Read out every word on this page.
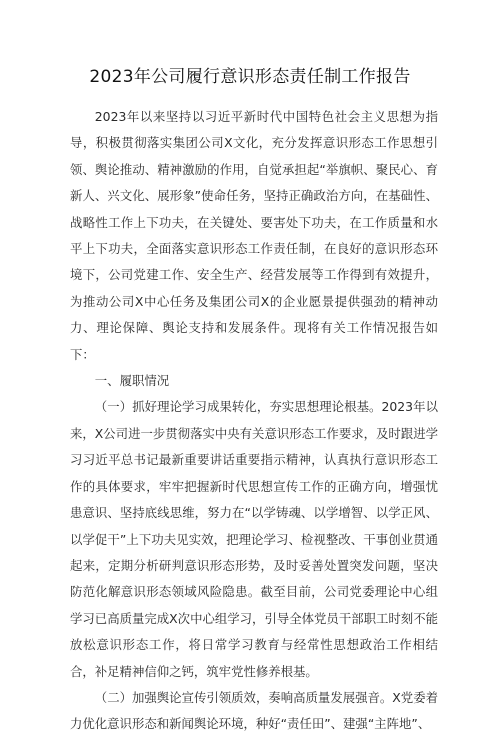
2023年公司履行意识形态责任制工作报告

2023年以来坚持以习近平新时代中国特色社会主义思想为指导，积极贯彻落实集团公司X文化，充分发挥意识形态工作思想引领、舆论推动、精神激励的作用，自觉承担起“举旗帜、聚民心、育新人、兴文化、展形象”使命任务，坚持正确政治方向，在基础性、战略性工作上下功夫，在关键处、要害处下功夫，在工作质量和水平上下功夫，全面落实意识形态工作责任制，在良好的意识形态环境下，公司党建工作、安全生产、经营发展等工作得到有效提升，为推动公司X中心任务及集团公司X的企业愿景提供强劲的精神动力、理论保障、舆论支持和发展条件。现将有关工作情况报告如下：

一、履职情况

（一）抓好理论学习成果转化，夯实思想理论根基。2023年以来，X公司进一步贯彻落实中央有关意识形态工作要求，及时跟进学习习近平总书记最新重要讲话重要指示精神，认真执行意识形态工作的具体要求，牢牢把握新时代思想宣传工作的正确方向，增强忧患意识、坚持底线思维，努力在“以学铸魂、以学增智、以学正风、以学促干”上下功夫见实效，把理论学习、检视整改、干事创业贯通起来，定期分析研判意识形态形势，及时妥善处置突发问题，坚决防范化解意识形态领域风险隐患。截至目前，公司党委理论中心组学习已高质量完成X次中心组学习，引导全体党员干部职工时刻不能放松意识形态工作，将日常学习教育与经常性思想政治工作相结合，补足精神信仰之钙，筑牢党性修养根基。

（二）加强舆论宣传引领质效，奏响高质量发展强音。X党委着力优化意识形态和新闻舆论环境，种好“责任田”、建强“主阵地”、
